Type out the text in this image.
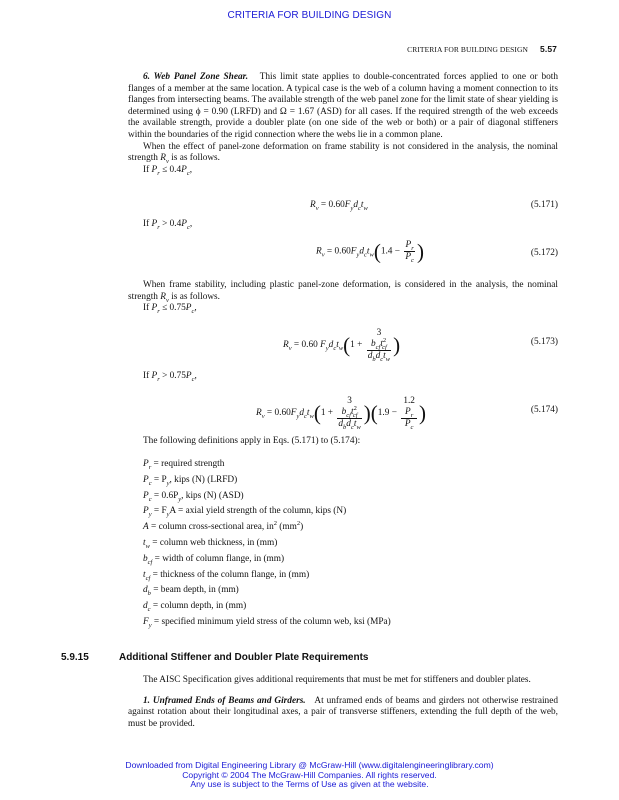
CRITERIA FOR BUILDING DESIGN
CRITERIA FOR BUILDING DESIGN 5.57

6. Web Panel Zone Shear. This limit state applies to double-concentrated forces applied to one or both flanges of a member at the same location. A typical case is the web of a column having a moment connection to its flanges from intersecting beams. The available strength of the web panel zone for the limit state of shear yielding is determined using ϕ = 0.90 (LRFD) and Ω = 1.67 (ASD) for all cases. If the required strength of the web exceeds the available strength, provide a doubler plate (on one side of the web or both) or a pair of diagonal stiffeners within the boundaries of the rigid connection where the webs lie in a common plane.

When the effect of panel-zone deformation on frame stability is not considered in the analysis, the nominal strength $R_v$ is as follows.

If $P_r \le 0.4P_c$,

$R_v = 0.60F_yd_ct_w$	(5.171)

If $P_r > 0.4P_c$,

$R_v = 0.60F_yd_ct_w(1.4 - \frac{P_r}{P_c}$ )	(5.172)

When frame stability, including plastic panel-zone deformation, is considered in the analysis, the nominal strength $R_v$ is as follows.

If $P_r \le 0.75P_c$,

$R_v = 0.60$ $F_yd_ct_w(1 + 3$
$b_{cf}t^2_{cf}$
$d_bd_ct_w$ )	(5.173)

If $P_r > 0.75P_c$,

$R_v = 0.60F_yd_ct_w(1 + 3$
$b_{cf}t^2_{cf}$
$d_bd_ct_w$ )(1.9 − 1.2
$P_r$
$P_c$ )	(5.174)

The following definitions apply in Eqs. (5.171) to (5.174):

$P_r$ = required strength
$P_c = P_y$, kips (N) (LRFD)
$P_c = 0.6P_y$, kips (N) (ASD)
$P_y = F_yA$ = axial yield strength of the column, kips (N)
A = column cross-sectional area, $in^2$ $(mm^2)$
$t_w$ = column web thickness, in (mm)
$b_{cf}$ = width of column flange, in (mm)
$t_{cf}$ = thickness of the column flange, in (mm)
$d_b$ = beam depth, in (mm)
$d_c$ = column depth, in (mm)
$F_y$ = specified minimum yield stress of the column web, ksi (MPa)
5.9.15	Additional Stiffener and Doubler Plate Requirements

The AISC Specification gives additional requirements that must be met for stiffeners and doubler plates.

1. Unframed Ends of Beams and Girders. At unframed ends of beams and girders not otherwise restrained against rotation about their longitudinal axes, a pair of transverse stiffeners, extending the full depth of the web, must be provided.

Downloaded from Digital Engineering Library @ McGraw-Hill (www.digitalengineeringlibrary.com)
Copyright © 2004 The McGraw-Hill Companies. All rights reserved.
Any use is subject to the Terms of Use as given at the website.
